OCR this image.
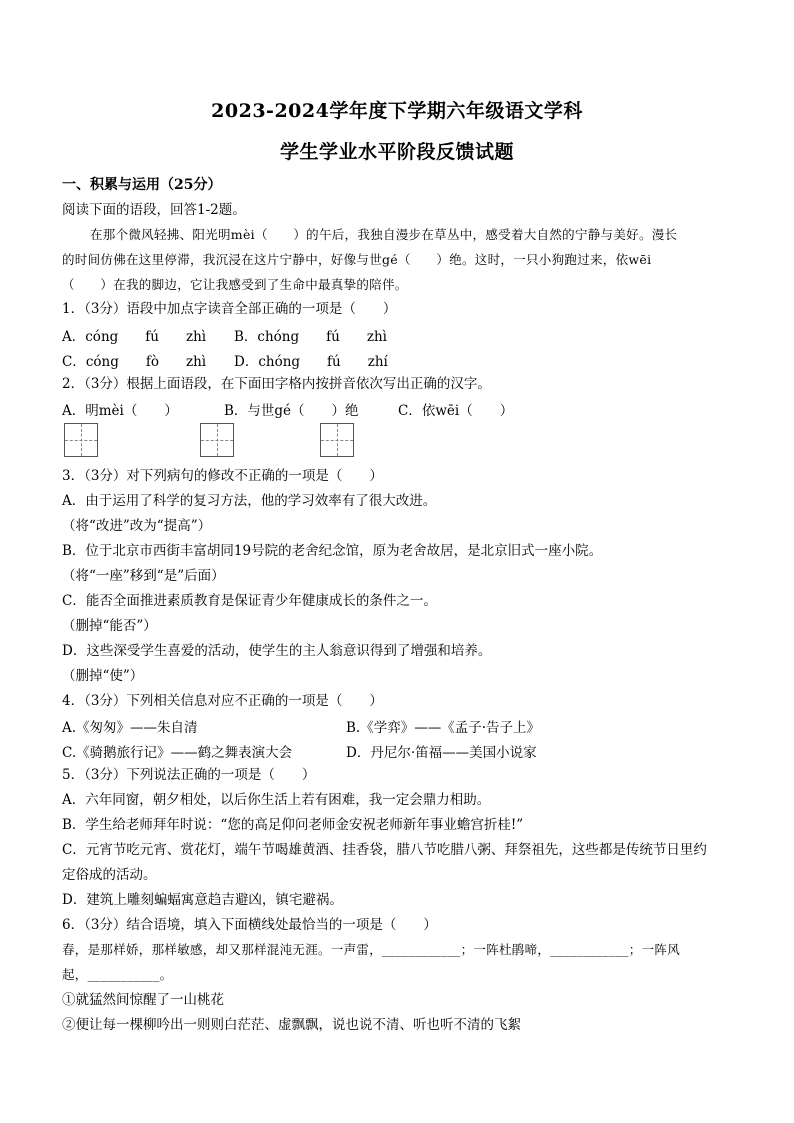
2023-2024学年度下学期六年级语文学科
学生学业水平阶段反馈试题
一、积累与运用（25分）
阅读下面的语段，回答1-2题。
在那个微风轻拂、阳光明mèi（　　）的午后，我独自漫步在草丛中，感受着大自然的宁静与美好。漫长
的时间仿佛在这里停滞，我沉浸在这片宁静中，好像与世gé（　　）绝。这时，一只小狗跑过来，依wēi
（　　）在我的脚边，它让我感受到了生命中最真挚的陪伴。
1．（3分）语段中加点字读音全部正确的一项是（　　）
A．cóng　　fú　　zhì B．chóng　　fú　　zhì
C．cóng　　fò　　zhì D．chóng　　fú　　zhí
2．（3分）根据上面语段，在下面田字格内按拼音依次写出正确的汉字。
A．明mèi（　　）	B．与世gé（　　）绝	C．依wēi（　　）
3．（3分）对下列病句的修改不正确的一项是（　　）
A．由于运用了科学的复习方法，他的学习效率有了很大改进。
（将“改进”改为“提高”）
B．位于北京市西街丰富胡同19号院的老舍纪念馆，原为老舍故居，是北京旧式一座小院。
（将“一座”移到“是”后面）
C．能否全面推进素质教育是保证青少年健康成长的条件之一。
（删掉“能否”）
D．这些深受学生喜爱的活动，使学生的主人翁意识得到了增强和培养。
（删掉“使”）
4．（3分）下列相关信息对应不正确的一项是（　　）
A.《匆匆》——朱自清	B.《学弈》——《孟子·告子上》
C.《骑鹅旅行记》——鹤之舞表演大会	D．丹尼尔·笛福——美国小说家
5．（3分）下列说法正确的一项是（　　）
A．六年同窗，朝夕相处，以后你生活上若有困难，我一定会鼎力相助。
B．学生给老师拜年时说：“您的高足仰问老师金安祝老师新年事业蟾宫折桂!”
C．元宵节吃元宵、赏花灯，端午节喝雄黄酒、挂香袋，腊八节吃腊八粥、拜祭祖先，这些都是传统节日里约
定俗成的活动。
D．建筑上雕刻蝙蝠寓意趋吉避凶，镇宅避祸。
6．（3分）结合语境，填入下面横线处最恰当的一项是（　　）
春，是那样娇，那样敏感，却又那样混沌无涯。一声雷，____________；一阵杜鹃啼，____________；一阵风
起，___________。
①就猛然间惊醒了一山桃花
②便让每一棵柳吟出一则则白茫茫、虚飘飘，说也说不清、听也听不清的飞絮
